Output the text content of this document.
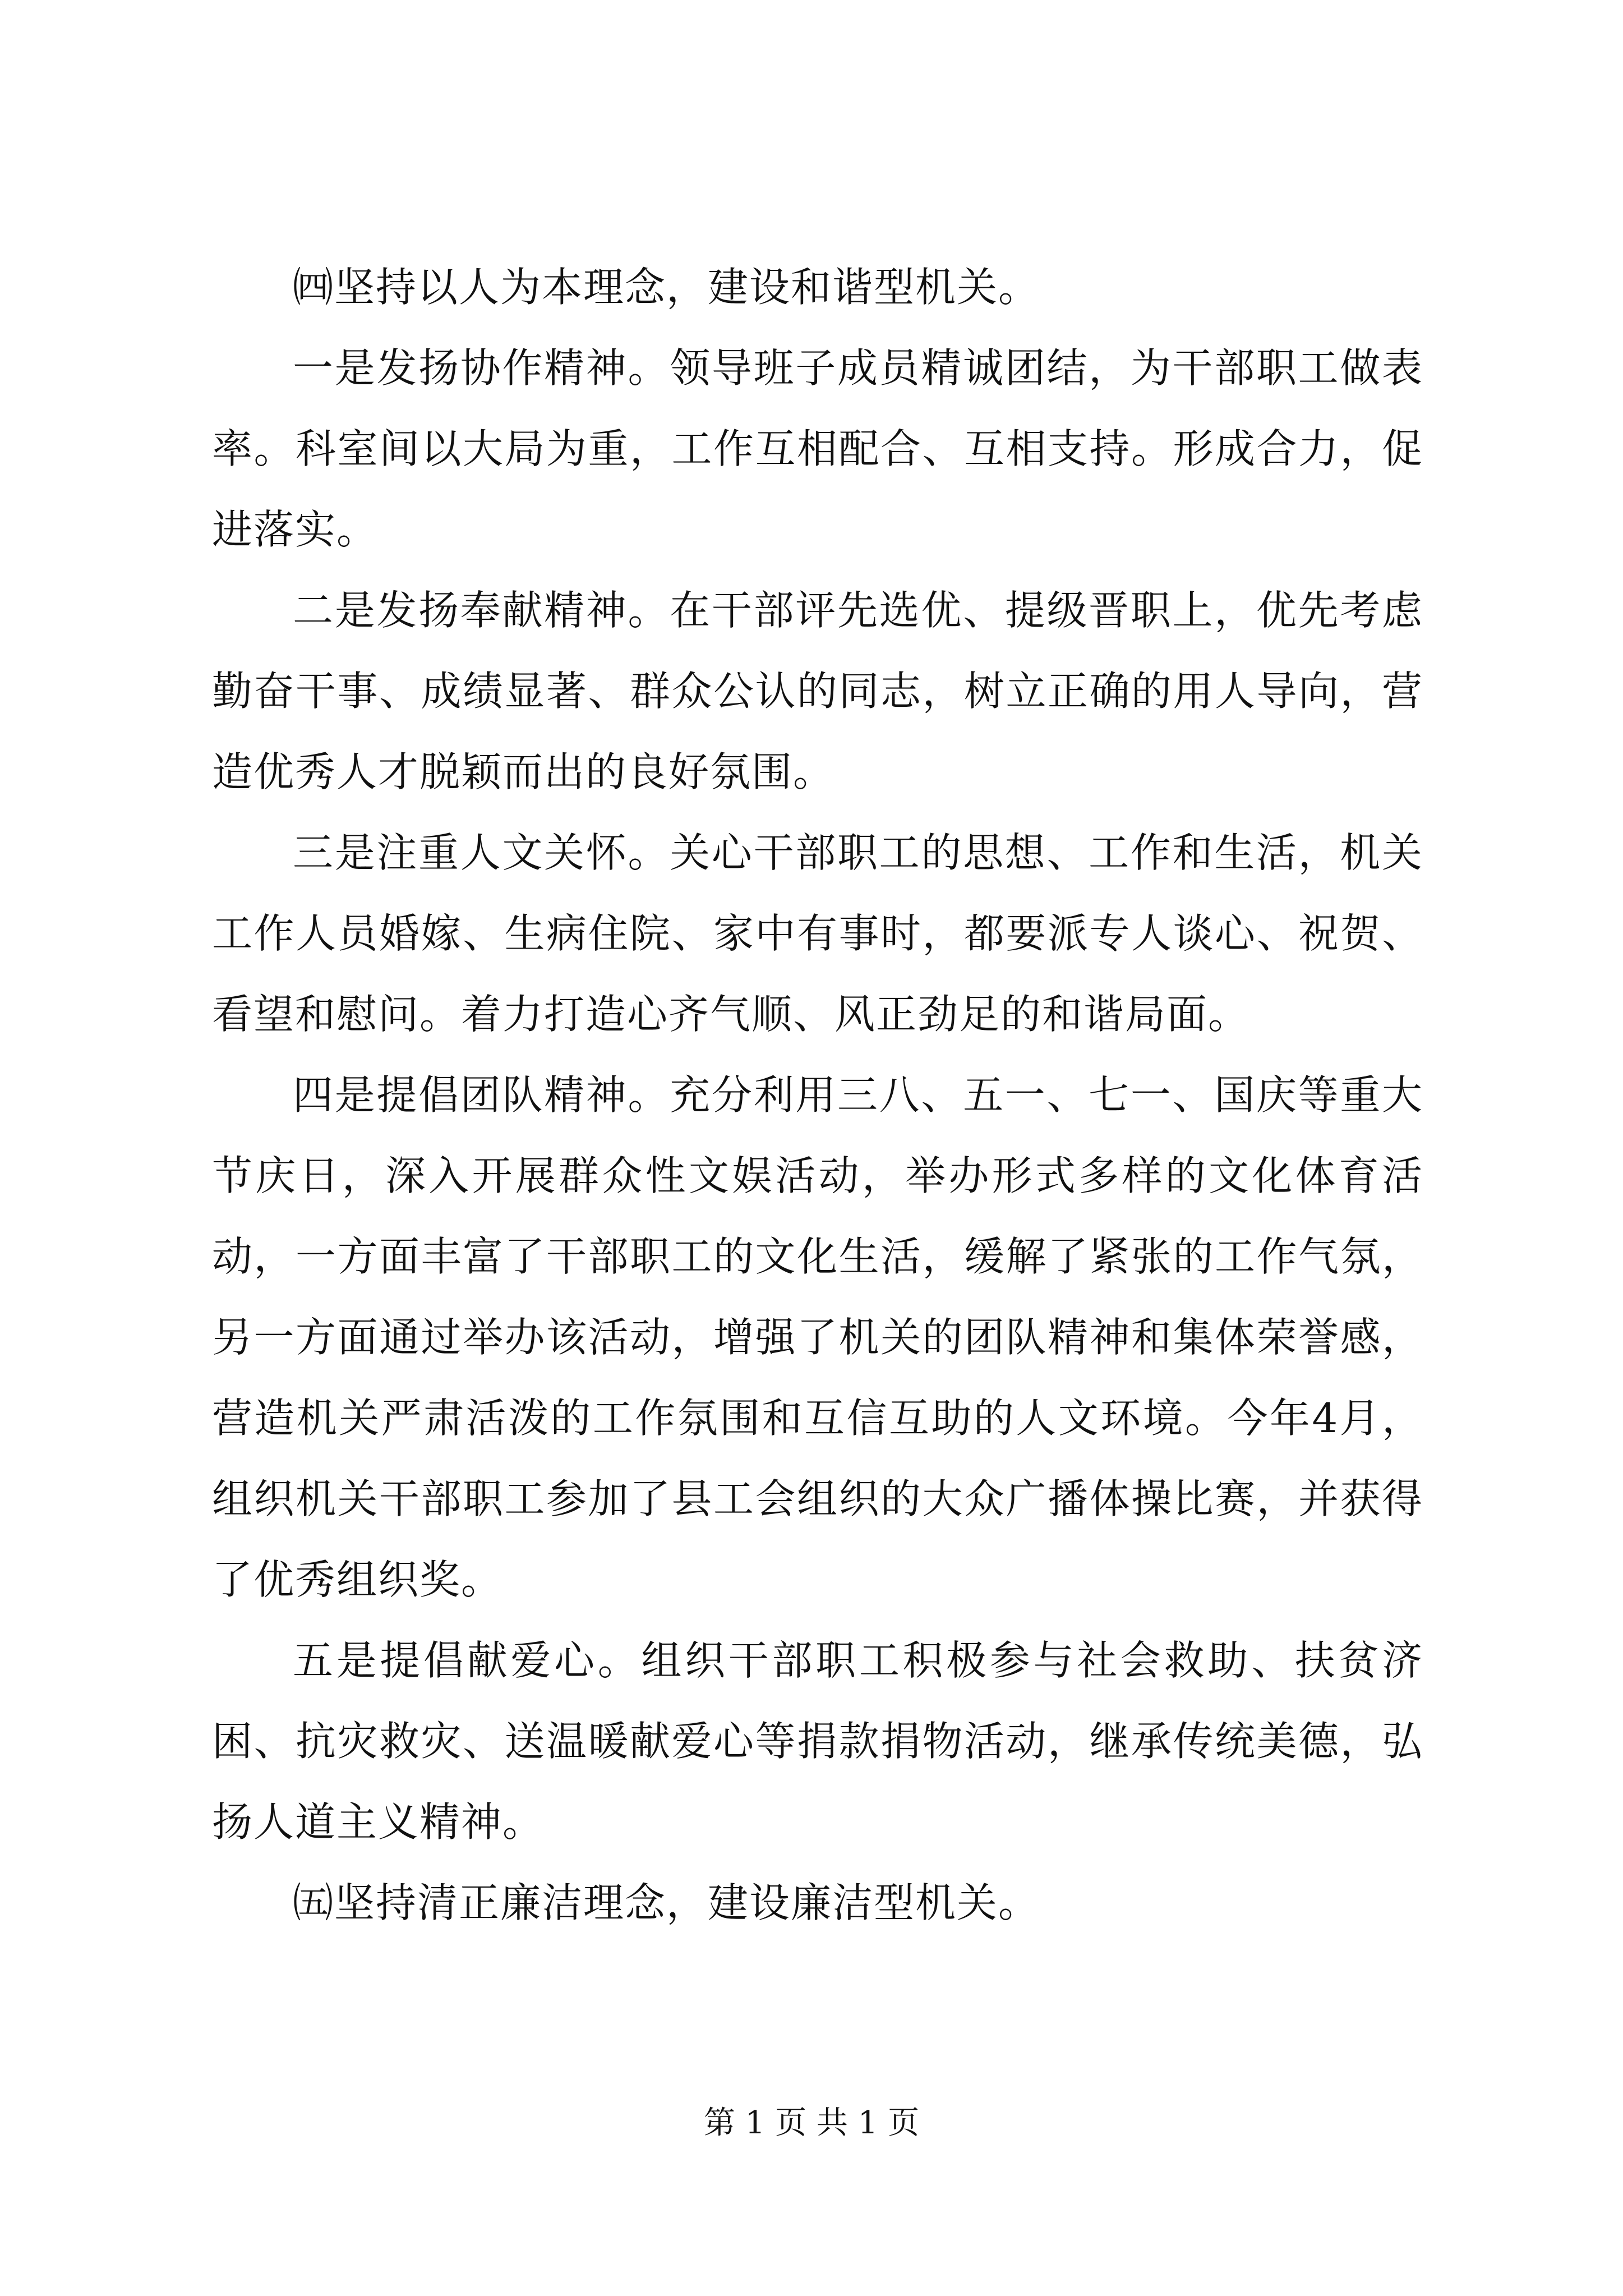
㈣坚持以人为本理念，建设和谐型机关。

一是发扬协作精神。领导班子成员精诚团结，为干部职工做表率。科室间以大局为重，工作互相配合、互相支持。形成合力，促进落实。

二是发扬奉献精神。在干部评先选优、提级晋职上，优先考虑勤奋干事、成绩显著、群众公认的同志，树立正确的用人导向，营造优秀人才脱颖而出的良好氛围。

三是注重人文关怀。关心干部职工的思想、工作和生活，机关工作人员婚嫁、生病住院、家中有事时，都要派专人谈心、祝贺、看望和慰问。着力打造心齐气顺、风正劲足的和谐局面。

四是提倡团队精神。充分利用三八、五一、七一、国庆等重大节庆日，深入开展群众性文娱活动，举办形式多样的文化体育活动，一方面丰富了干部职工的文化生活，缓解了紧张的工作气氛，另一方面通过举办该活动，增强了机关的团队精神和集体荣誉感，营造机关严肃活泼的工作氛围和互信互助的人文环境。今年4月，组织机关干部职工参加了县工会组织的大众广播体操比赛，并获得了优秀组织奖。

五是提倡献爱心。组织干部职工积极参与社会救助、扶贫济困、抗灾救灾、送温暖献爱心等捐款捐物活动，继承传统美德，弘扬人道主义精神。

㈤坚持清正廉洁理念，建设廉洁型机关。

第 1 页 共 1 页
